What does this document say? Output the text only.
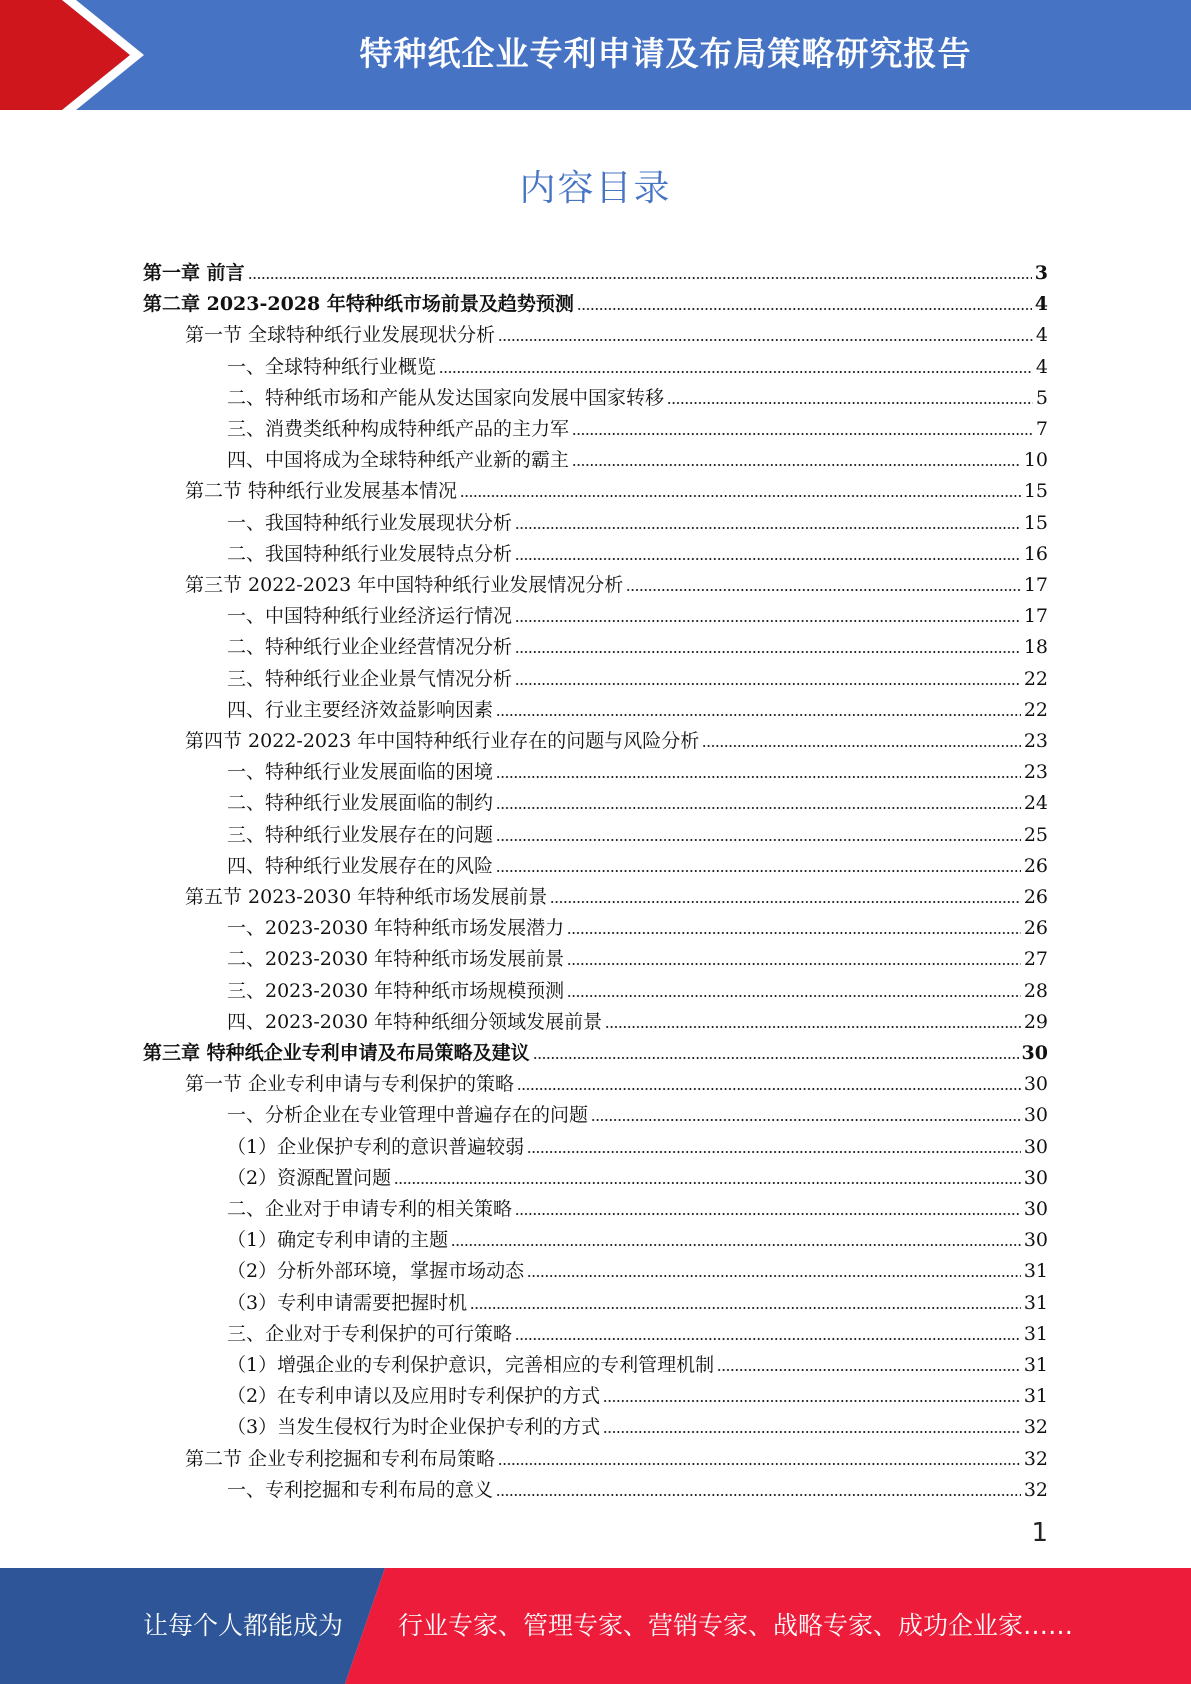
特种纸企业专利申请及布局策略研究报告
内容目录
第一章 前言	3
第二章 2023-2028 年特种纸市场前景及趋势预测	4
第一节 全球特种纸行业发展现状分析	4
一、全球特种纸行业概览	4
二、特种纸市场和产能从发达国家向发展中国家转移	5
三、消费类纸种构成特种纸产品的主力军	7
四、中国将成为全球特种纸产业新的霸主	10
第二节 特种纸行业发展基本情况	15
一、我国特种纸行业发展现状分析	15
二、我国特种纸行业发展特点分析	16
第三节 2022-2023 年中国特种纸行业发展情况分析	17
一、中国特种纸行业经济运行情况	17
二、特种纸行业企业经营情况分析	18
三、特种纸行业企业景气情况分析	22
四、行业主要经济效益影响因素	22
第四节 2022-2023 年中国特种纸行业存在的问题与风险分析	23
一、特种纸行业发展面临的困境	23
二、特种纸行业发展面临的制约	24
三、特种纸行业发展存在的问题	25
四、特种纸行业发展存在的风险	26
第五节 2023-2030 年特种纸市场发展前景	26
一、2023-2030 年特种纸市场发展潜力	26
二、2023-2030 年特种纸市场发展前景	27
三、2023-2030 年特种纸市场规模预测	28
四、2023-2030 年特种纸细分领域发展前景	29
第三章 特种纸企业专利申请及布局策略及建议	30
第一节 企业专利申请与专利保护的策略	30
一、分析企业在专业管理中普遍存在的问题	30
（1）企业保护专利的意识普遍较弱	30
（2）资源配置问题	30
二、企业对于申请专利的相关策略	30
（1）确定专利申请的主题	30
（2）分析外部环境，掌握市场动态	31
（3）专利申请需要把握时机	31
三、企业对于专利保护的可行策略	31
（1）增强企业的专利保护意识，完善相应的专利管理机制	31
（2）在专利申请以及应用时专利保护的方式	31
（3）当发生侵权行为时企业保护专利的方式	32
第二节 企业专利挖掘和专利布局策略	32
一、专利挖掘和专利布局的意义	32
1
让每个人都能成为	行业专家、管理专家、营销专家、战略专家、成功企业家……
